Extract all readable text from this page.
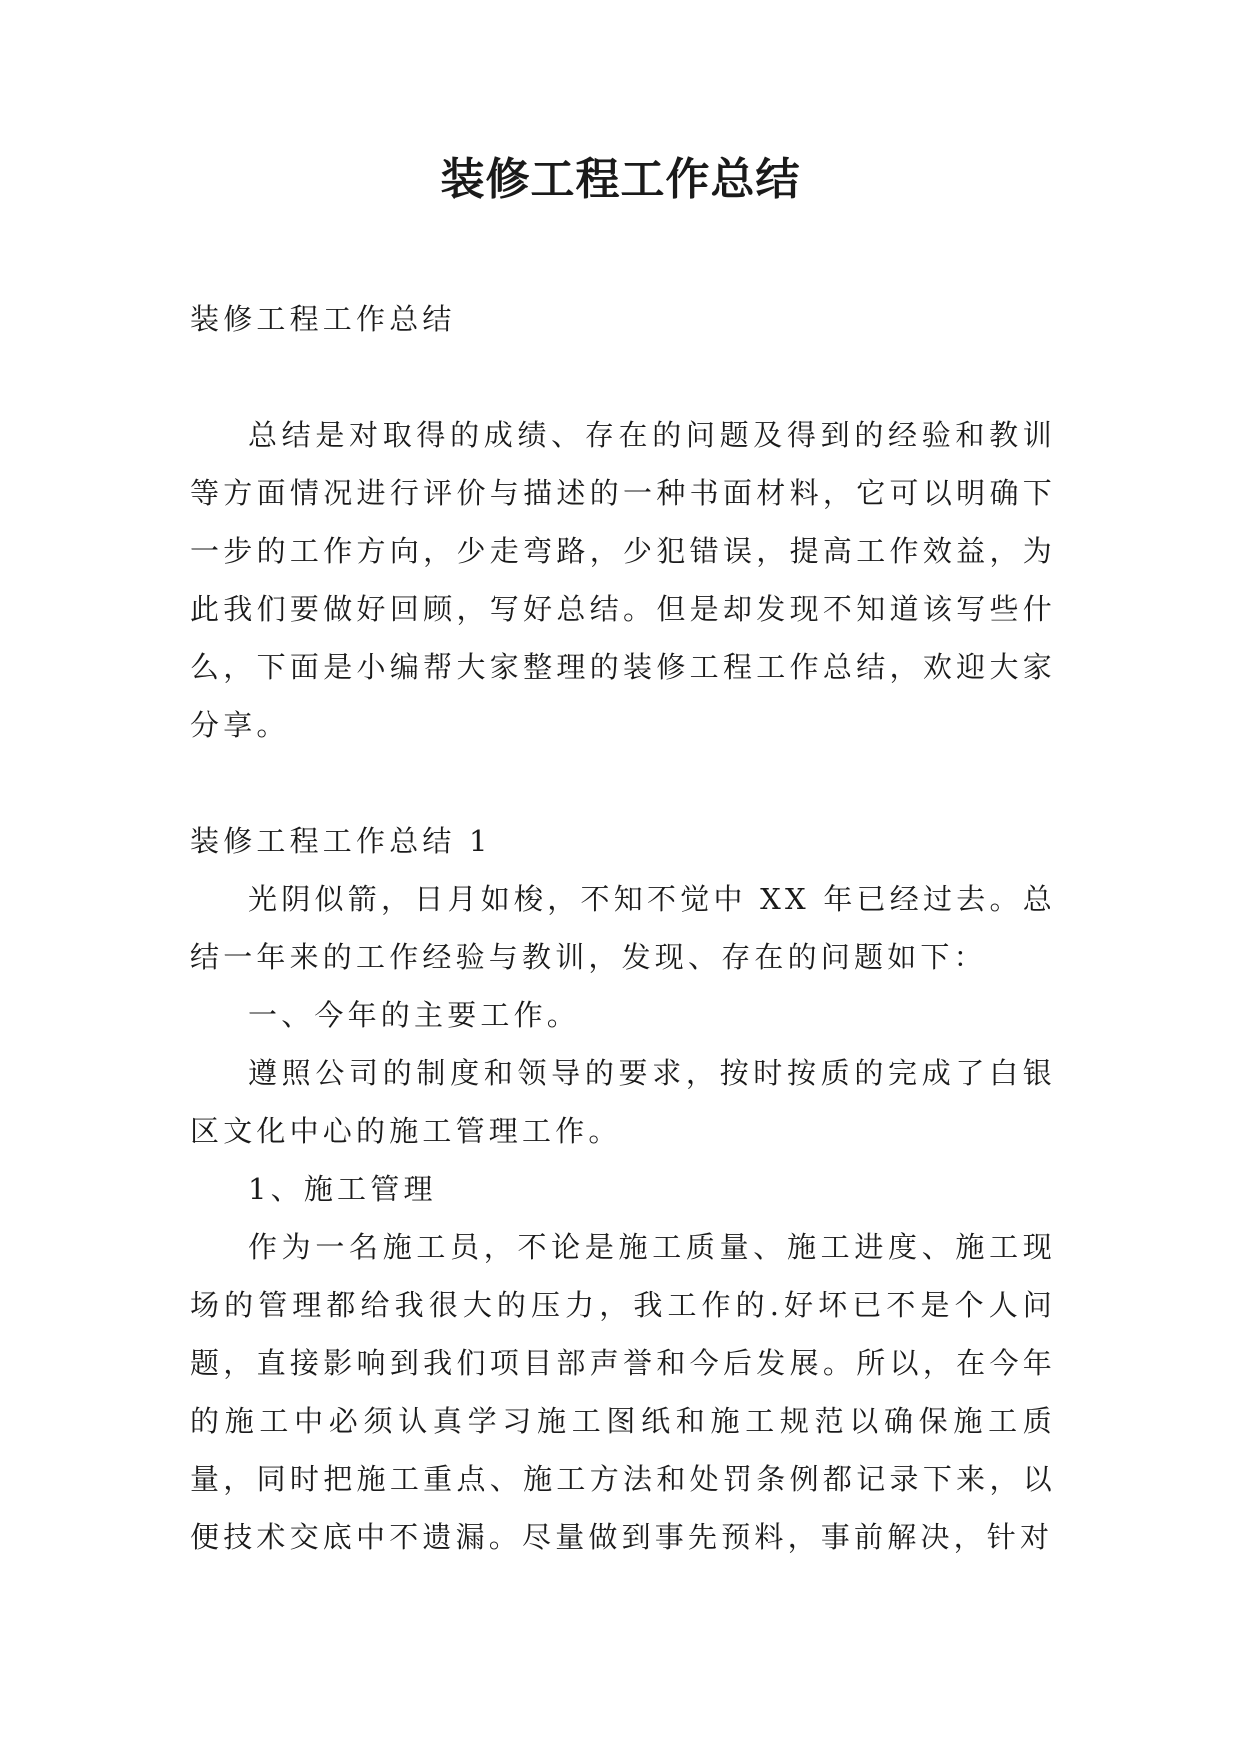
装修工程工作总结

装修工程工作总结

总结是对取得的成绩、存在的问题及得到的经验和教训等方面情况进行评价与描述的一种书面材料，它可以明确下一步的工作方向，少走弯路，少犯错误，提高工作效益，为此我们要做好回顾，写好总结。但是却发现不知道该写些什么，下面是小编帮大家整理的装修工程工作总结，欢迎大家分享。

装修工程工作总结 1

光阴似箭，日月如梭，不知不觉中 XX 年已经过去。总结一年来的工作经验与教训，发现、存在的问题如下：

一、今年的主要工作。

遵照公司的制度和领导的要求，按时按质的完成了白银区文化中心的施工管理工作。

1、施工管理

作为一名施工员，不论是施工质量、施工进度、施工现场的管理都给我很大的压力，我工作的.好坏已不是个人问题，直接影响到我们项目部声誉和今后发展。所以，在今年的施工中必须认真学习施工图纸和施工规范以确保施工质量，同时把施工重点、施工方法和处罚条例都记录下来，以便技术交底中不遗漏。尽量做到事先预料，事前解决，针对
